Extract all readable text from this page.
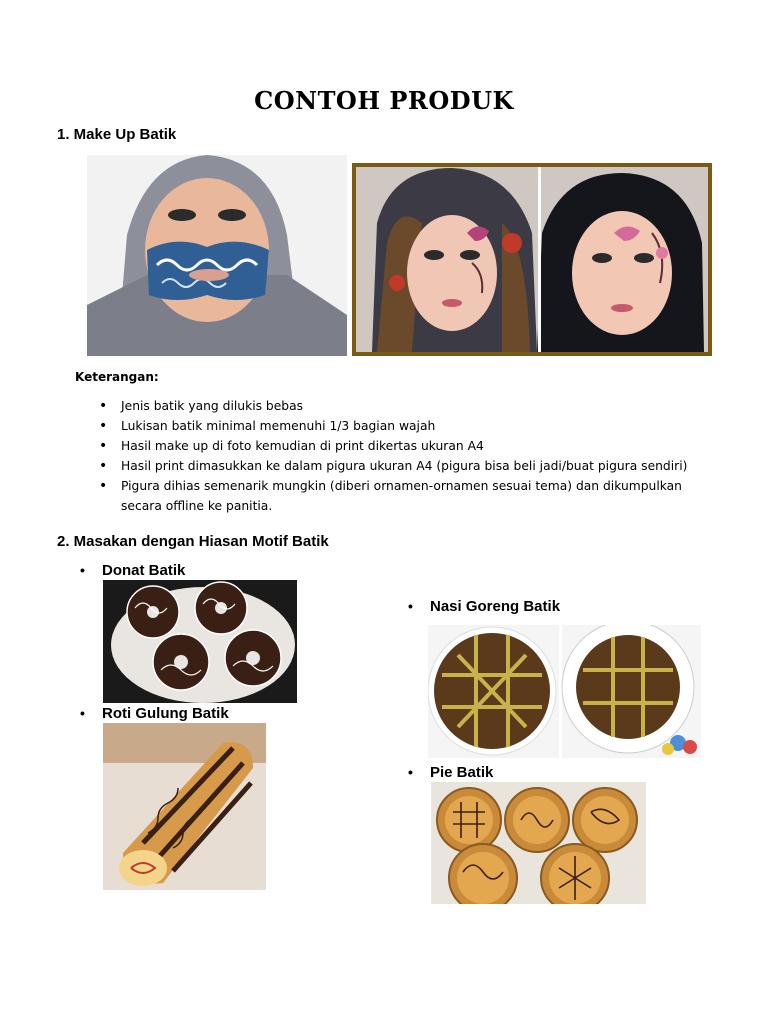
CONTOH PRODUK
1. Make Up Batik
Keterangan:
• Jenis batik yang dilukis bebas
• Lukisan batik minimal memenuhi 1/3 bagian wajah
• Hasil make up di foto kemudian di print dikertas ukuran A4
• Hasil print dimasukkan ke dalam pigura ukuran A4 (pigura bisa beli jadi/buat pigura sendiri)
• Pigura dihias semenarik mungkin (diberi ornamen-ornamen sesuai tema) dan dikumpulkan secara offline ke panitia.
2. Masakan dengan Hiasan Motif Batik
• Donat Batik
• Roti Gulung Batik
• Nasi Goreng Batik
• Pie Batik
